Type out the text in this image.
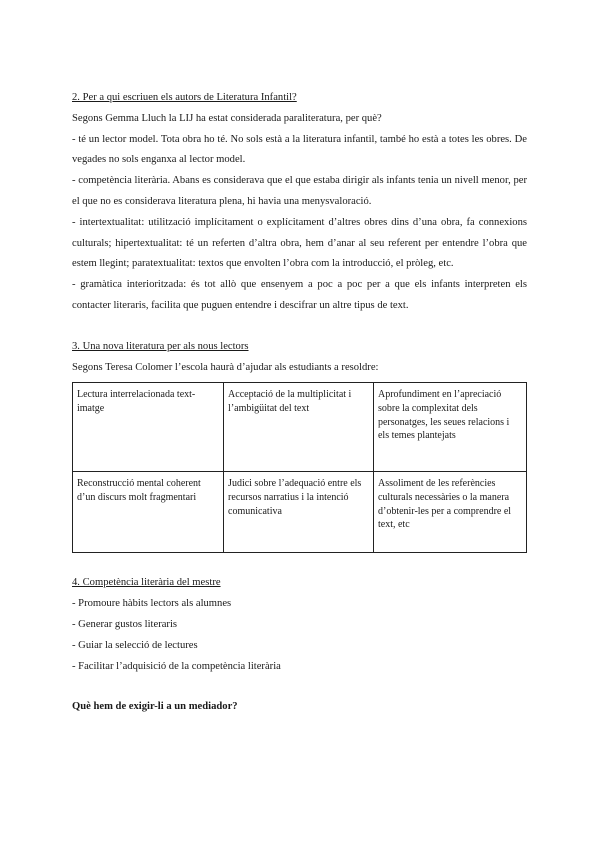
2. Per a qui escriuen els autors de Literatura Infantil?

Segons Gemma Lluch la LIJ ha estat considerada paraliteratura, per què?

- té un lector model. Tota obra ho té. No sols està a la literatura infantil, també ho està a totes les obres. De vegades no sols enganxa al lector model.

- competència literària. Abans es considerava que el que estaba dirigir als infants tenia un nivell menor, per el que no es considerava literatura plena, hi havia una menysvaloració.

- intertextualitat: utilització implícitament o explícitament d’altres obres dins d’una obra, fa connexions culturals; hipertextualitat: té un referten d’altra obra, hem d’anar al seu referent per entendre l’obra que estem llegint; paratextualitat: textos que envolten l’obra com la introducció, el pròleg, etc.

- gramàtica interioritzada: és tot allò que ensenyem a poc a poc per a que els infants interpreten els contacter literaris, facilita que puguen entendre i descifrar un altre tipus de text.

3. Una nova literatura per als nous lectors

Segons Teresa Colomer l’escola haurà d’ajudar als estudiants a resoldre:

Lectura interrelacionada text-imatge	Acceptació de la multiplicitat i l’ambigüitat del text	Aprofundiment en l’apreciació sobre la complexitat dels personatges, les seues relacions i els temes plantejats
Reconstrucció mental coherent d’un discurs molt fragmentari	Judici sobre l’adequació entre els recursos narratius i la intenció comunicativa	Assoliment de les referències culturals necessàries o la manera d’obtenir-les per a comprendre el text, etc

4. Competència literària del mestre

- Promoure hàbits lectors als alumnes
- Generar gustos literaris
- Guiar la selecció de lectures
- Facilitar l’adquisició de la competència literària

Què hem de exigir-li a un mediador?
